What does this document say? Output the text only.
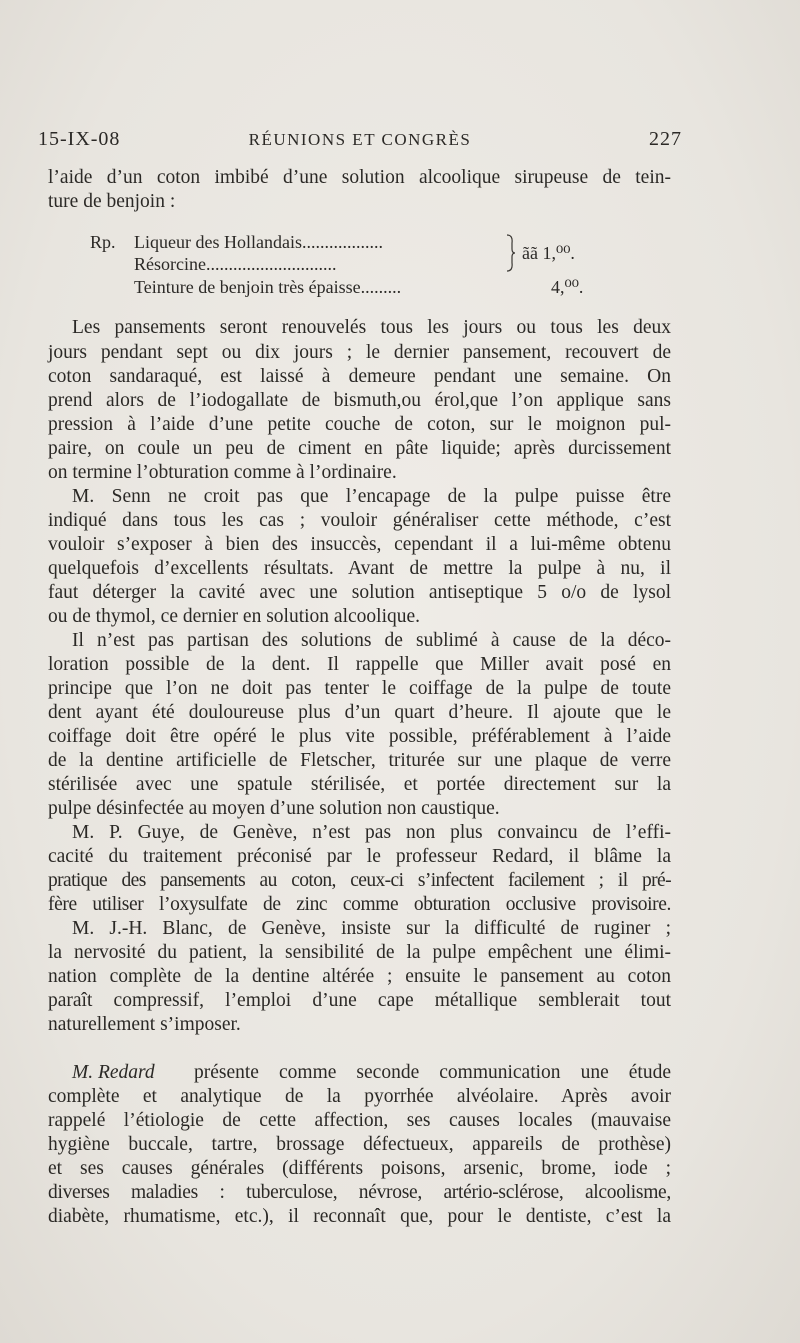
15-IX-08	RÉUNIONS ET CONGRÈS	227
l’aide d’un coton imbibé d’une solution alcoolique sirupeuse de tein-
ture de benjoin :
Rp. Liqueur des Hollandais..................
Résorcine.............................
Teinture de benjoin très épaisse.........
ãã 1,⁰⁰.
4,⁰⁰.
Les pansements seront renouvelés tous les jours ou tous les deux
jours pendant sept ou dix jours ; le dernier pansement, recouvert de
coton sandaraqué, est laissé à demeure pendant une semaine. On
prend alors de l’iodogallate de bismuth,ou érol,que l’on applique sans
pression à l’aide d’une petite couche de coton, sur le moignon pul-
paire, on coule un peu de ciment en pâte liquide; après durcissement
on termine l’obturation comme à l’ordinaire.
M. Senn ne croit pas que l’encapage de la pulpe puisse être
indiqué dans tous les cas ; vouloir généraliser cette méthode, c’est
vouloir s’exposer à bien des insuccès, cependant il a lui-même obtenu
quelquefois d’excellents résultats. Avant de mettre la pulpe à nu, il
faut déterger la cavité avec une solution antiseptique 5 o/o de lysol
ou de thymol, ce dernier en solution alcoolique.
Il n’est pas partisan des solutions de sublimé à cause de la déco-
loration possible de la dent. Il rappelle que Miller avait posé en
principe que l’on ne doit pas tenter le coiffage de la pulpe de toute
dent ayant été douloureuse plus d’un quart d’heure. Il ajoute que le
coiffage doit être opéré le plus vite possible, préférablement à l’aide
de la dentine artificielle de Fletscher, triturée sur une plaque de verre
stérilisée avec une spatule stérilisée, et portée directement sur la
pulpe désinfectée au moyen d’une solution non caustique.
M. P. Guye, de Genève, n’est pas non plus convaincu de l’effi-
cacité du traitement préconisé par le professeur Redard, il blâme la
pratique des pansements au coton, ceux-ci s’infectent facilement ; il pré-
fère utiliser l’oxysulfate de zinc comme obturation occlusive provisoire.
M. J.-H. Blanc, de Genève, insiste sur la difficulté de ruginer ;
la nervosité du patient, la sensibilité de la pulpe empêchent une élimi-
nation complète de la dentine altérée ; ensuite le pansement au coton
paraît compressif, l’emploi d’une cape métallique semblerait tout
naturellement s’imposer.
M. Redard présente comme seconde communication une étude
complète et analytique de la pyorrhée alvéolaire. Après avoir
rappelé l’étiologie de cette affection, ses causes locales (mauvaise
hygiène buccale, tartre, brossage défectueux, appareils de prothèse)
et ses causes générales (différents poisons, arsenic, brome, iode ;
diverses maladies : tuberculose, névrose, artério-sclérose, alcoolisme,
diabète, rhumatisme, etc.), il reconnaît que, pour le dentiste, c’est la
